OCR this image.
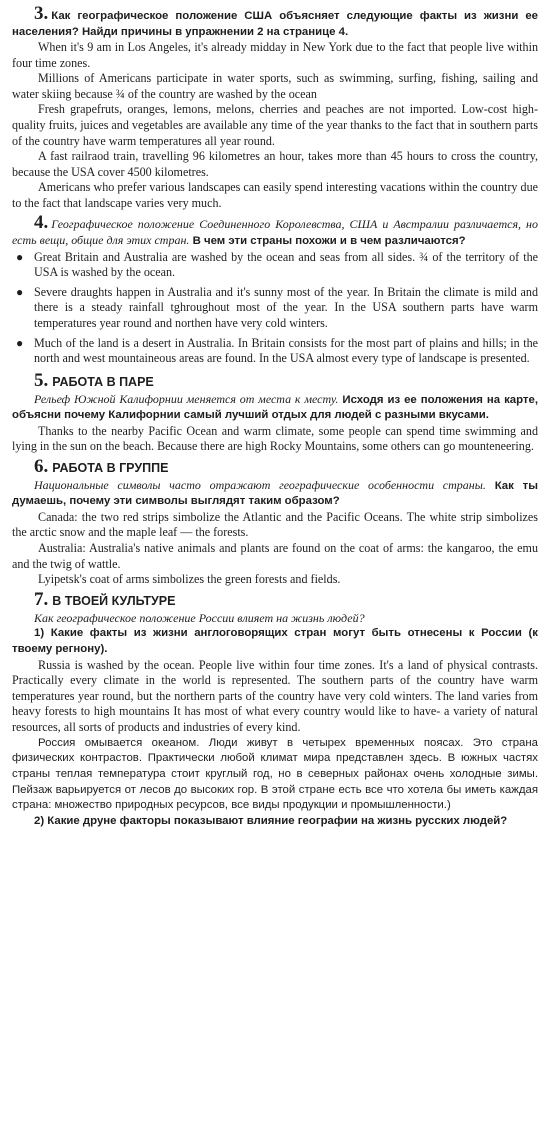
3. Как географическое положение США объясняет следующие факты из жизни ее населения? Найди причины в упражнении 2 на странице 4.

When it's 9 am in Los Angeles, it's already midday in New York due to the fact that people live within four time zones.

Millions of Americans participate in water sports, such as swimming, surfing, fishing, sailing and water skiing because ¾ of the country are washed by the ocean

Fresh grapefruts, oranges, lemons, melons, cherries and peaches are not imported. Low-cost high-quality fruits, juices and vegetables are available any time of the year thanks to the fact that in southern parts of the country have warm temperatures all year round.

A fast railraod train, travelling 96 kilometres an hour, takes more than 45 hours to cross the country, because the USA cover 4500 kilometres.

Americans who prefer various landscapes can easily spend interesting vacations within the country due to the fact that landscape varies very much.

4. Географическое положение Соединенного Королевства, США и Австралии различается, но есть вещи, общие для этих стран. В чем эти страны похожи и в чем различаются?

● Great Britain and Australia are washed by the ocean and seas from all sides. ¾ of the territory of the USA is washed by the ocean.
● Severe draughts happen in Australia and it's sunny most of the year. In Britain the climate is mild and there is a steady rainfall tghroughout most of the year. In the USA southern parts have warm temperatures year round and northen have very cold winters.
● Much of the land is a desert in Australia. In Britain consists for the most part of plains and hills; in the north and west mountaineous areas are found. In the USA almost every type of landscape is presented.
5. РАБОТА В ПАРЕ

Рельеф Южной Калифорнии меняется от места к месту. Исходя из ее положения на карте, объясни почему Калифорнии самый лучший отдых для людей с разными вкусами.

Thanks to the nearby Pacific Ocean and warm climate, some people can spend time swimming and lying in the sun on the beach. Because there are high Rocky Mountains, some others can go mounteneering.

6. РАБОТА В ГРУППЕ

Национальные символы часто отражают географические особенности страны. Как ты думаешь, почему эти символы выглядят таким образом?

Canada: the two red strips simbolize the Atlantic and the Pacific Oceans. The white strip simbolizes the arctic snow and the maple leaf — the forests.

Australia: Australia's native animals and plants are found on the coat of arms: the kangaroo, the emu and the twig of wattle.

Lyipetsk's coat of arms simbolizes the green forests and fields.

7. В ТВОЕЙ КУЛЬТУРЕ

Как географическое положение России влияет на жизнь людей?

1) Какие факты из жизни англоговорящих стран могут быть отнесены к России (к твоему регнону).

Russia is washed by the ocean. People live within four time zones. It's a land of physical contrasts. Practically every climate in the world is represented. The southern parts of the country have warm temperatures year round, but the northern parts of the country have very cold winters. The land varies from heavy forests to high mountains It has most of what every country would like to have- a variety of natural resources, all sorts of products and industries of every kind.

Россия омывается океаном. Люди живут в четырех временных поясах. Это страна физических контрастов. Практически любой климат мира представлен здесь. В южных частях страны теплая температура стоит круглый год, но в северных районах очень холодные зимы. Пейзаж варьируется от лесов до высоких гор. В этой стране есть все что хотела бы иметь каждая страна: множество природных ресурсов, все виды продукции и промышленности.)

2) Какие друне факторы показывают влияние географии на жизнь русских людей?
